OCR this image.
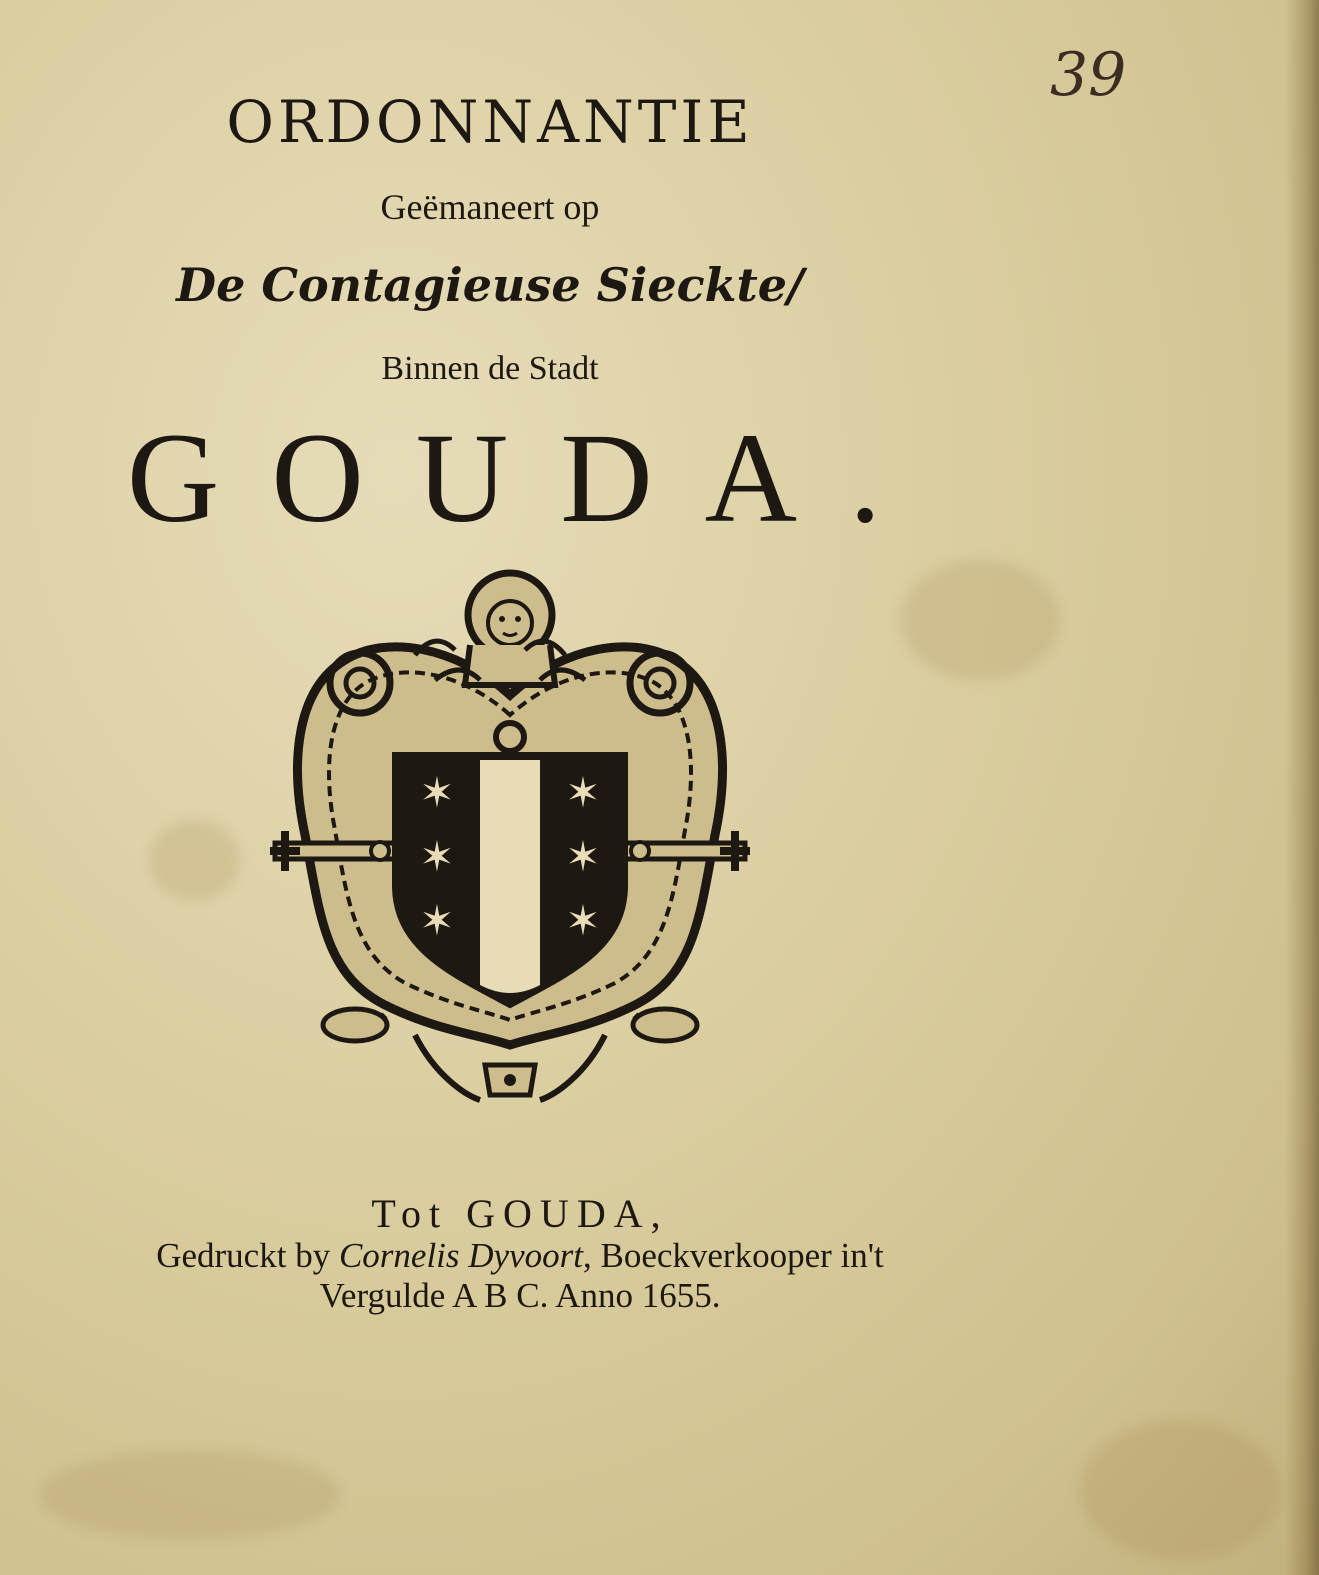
ORDONNANTIE
Geëmaneert op
De Contagieuse Sieckte/
Binnen de Stadt
GOUDA.
39
✶
✶
✶
✶
✶
✶
Tot GOUDA,
Gedruckt by Cornelis Dyvoort, Boeckverkooper in't
Vergulde A B C. Anno 1655.
